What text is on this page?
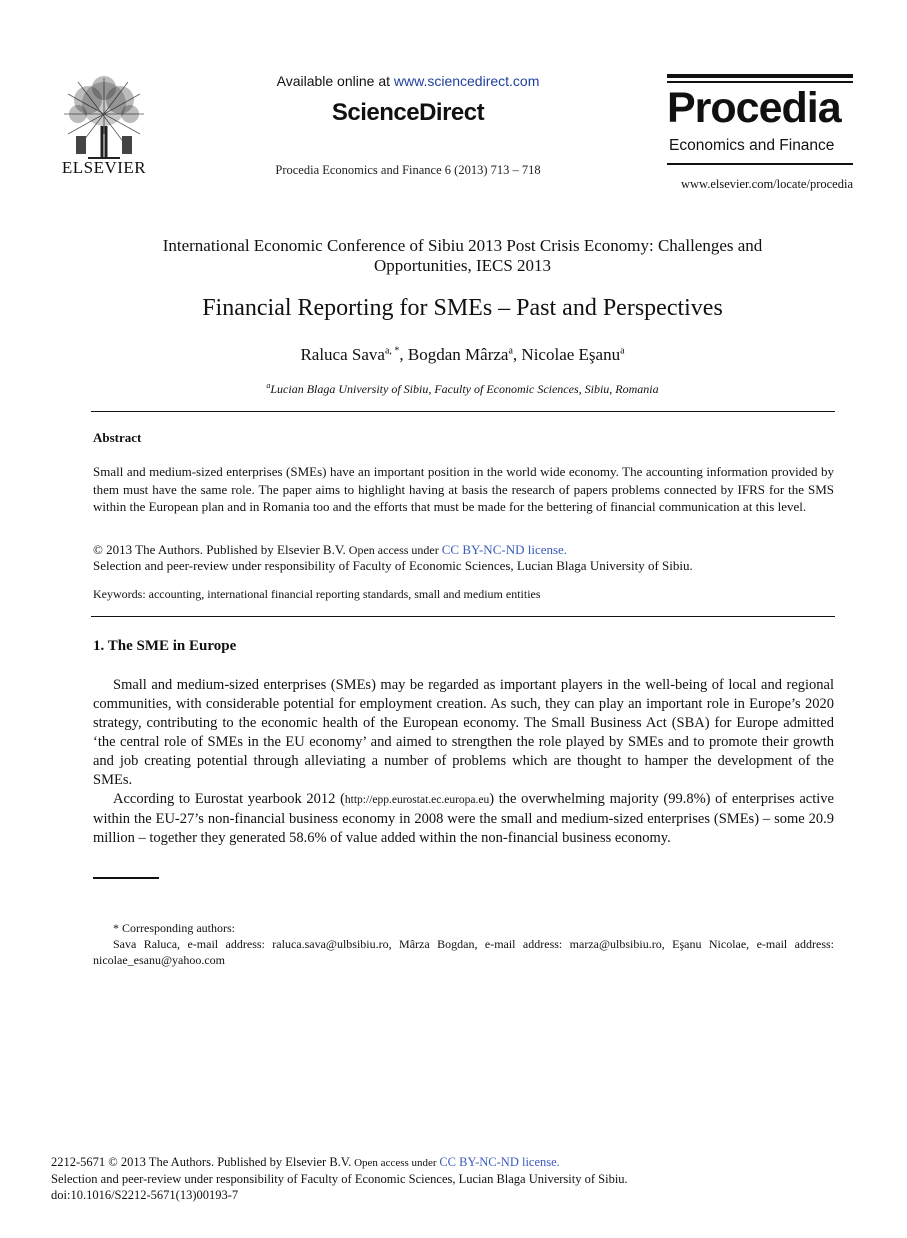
ELSEVIER
Available online at www.sciencedirect.com
ScienceDirect
Procedia Economics and Finance 6 (2013) 713 – 718
Procedia
Economics and Finance
www.elsevier.com/locate/procedia
International Economic Conference of Sibiu 2013 Post Crisis Economy: Challenges and
Opportunities, IECS 2013
Financial Reporting for SMEs – Past and Perspectives
Raluca Sava$^{a, *}$, Bogdan Mârza$^a$, Nicolae Eşanu$^a$
$^a$Lucian Blaga University of Sibiu, Faculty of Economic Sciences, Sibiu, Romania
Abstract
Small and medium-sized enterprises (SMEs) have an important position in the world wide economy. The accounting information provided by them must have the same role. The paper aims to highlight having at basis the research of papers problems connected by IFRS for the SMS within the European plan and in Romania too and the efforts that must be made for the bettering of financial communication at this level.
© 2013 The Authors. Published by Elsevier B.V. Open access under CC BY-NC-ND license.
Selection and peer-review under responsibility of Faculty of Economic Sciences, Lucian Blaga University of Sibiu.
Keywords: accounting, international financial reporting standards, small and medium entities
1. The SME in Europe
Small and medium-sized enterprises (SMEs) may be regarded as important players in the well-being of local and regional communities, with considerable potential for employment creation. As such, they can play an important role in Europe’s 2020 strategy, contributing to the economic health of the European economy. The Small Business Act (SBA) for Europe admitted ‘the central role of SMEs in the EU economy’ and aimed to strengthen the role played by SMEs and to promote their growth and job creating potential through alleviating a number of problems which are thought to hamper the development of the SMEs.
According to Eurostat yearbook 2012 (http://epp.eurostat.ec.europa.eu) the overwhelming majority (99.8%) of enterprises active within the EU-27’s non-financial business economy in 2008 were the small and medium-sized enterprises (SMEs) – some 20.9 million – together they generated 58.6% of value added within the non-financial business economy.
* Corresponding authors:
Sava Raluca, e-mail address: raluca.sava@ulbsibiu.ro, Mârza Bogdan, e-mail address: marza@ulbsibiu.ro, Eşanu Nicolae, e-mail address: nicolae_esanu@yahoo.com
2212-5671 © 2013 The Authors. Published by Elsevier B.V. Open access under CC BY-NC-ND license.
Selection and peer-review under responsibility of Faculty of Economic Sciences, Lucian Blaga University of Sibiu.
doi:10.1016/S2212-5671(13)00193-7
